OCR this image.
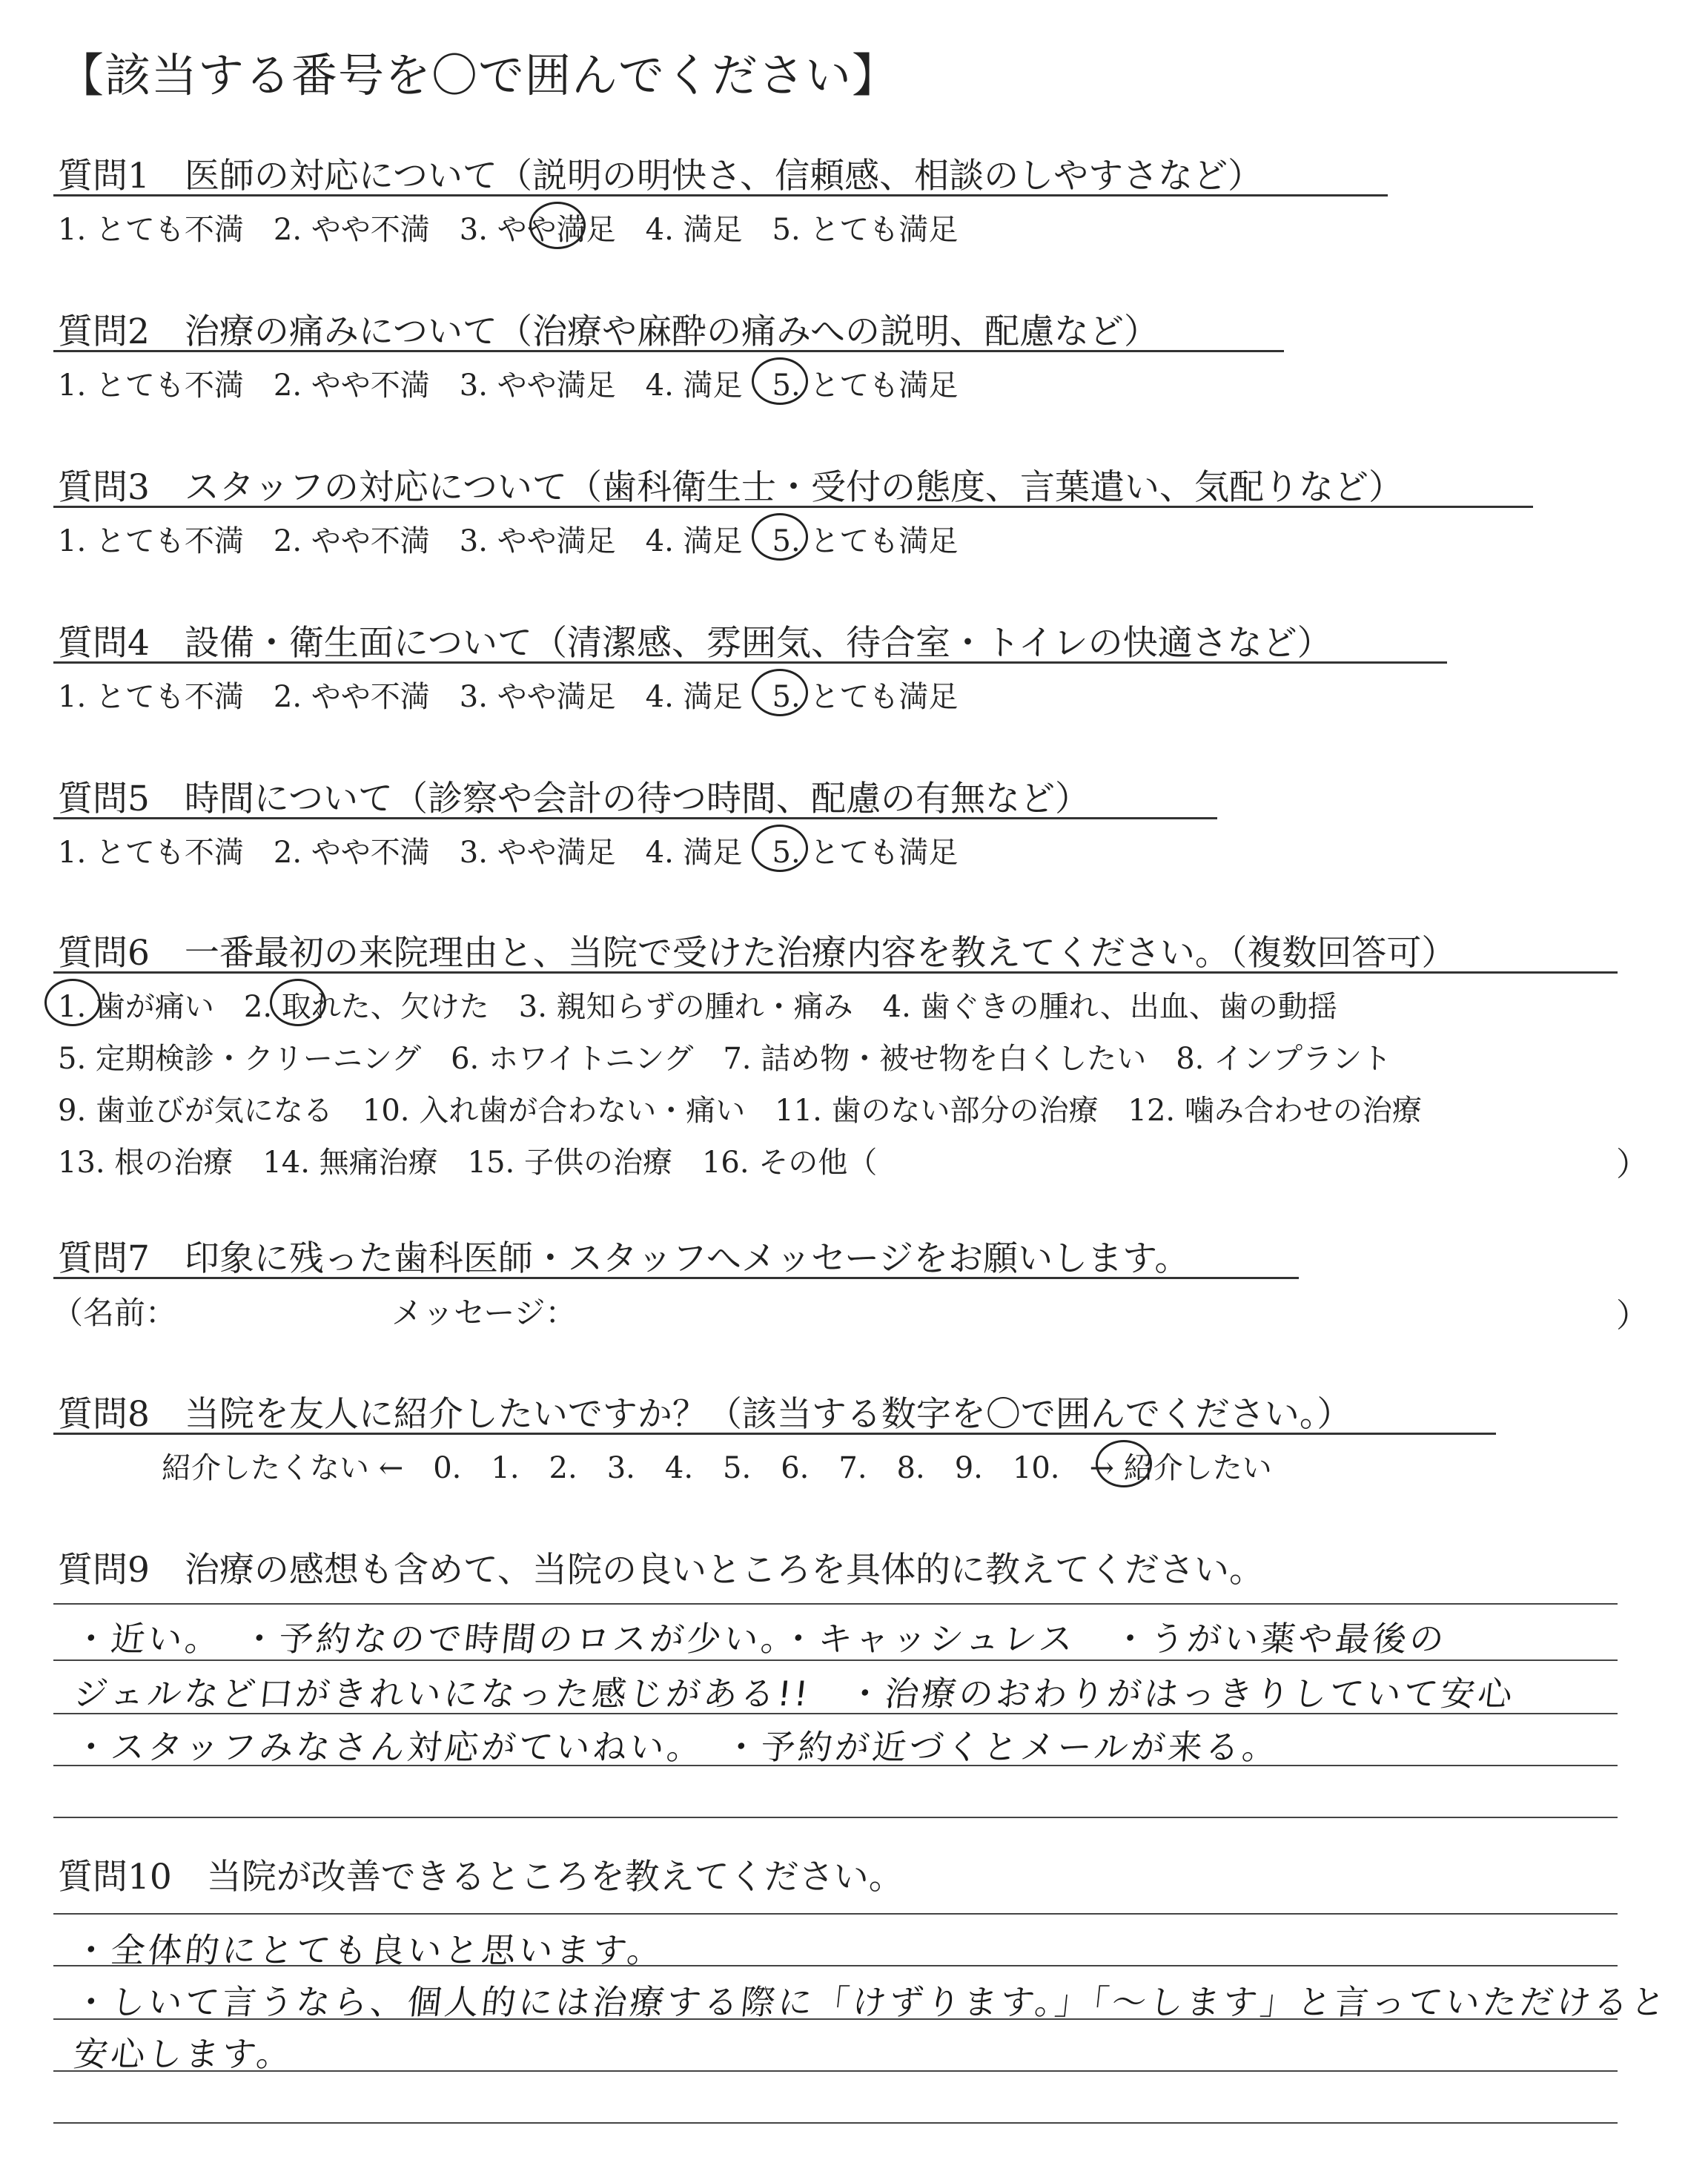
【該当する番号を〇で囲んでください】
質問1　医師の対応について（説明の明快さ、信頼感、相談のしやすさなど）
1. とても不満　2. やや不満　3. やや満足　4. 満足　5. とても満足
質問2　治療の痛みについて（治療や麻酔の痛みへの説明、配慮など）
1. とても不満　2. やや不満　3. やや満足　4. 満足　5. とても満足
質問3　スタッフの対応について（歯科衛生士・受付の態度、言葉遣い、気配りなど）
1. とても不満　2. やや不満　3. やや満足　4. 満足　5. とても満足
質問4　設備・衛生面について（清潔感、雰囲気、待合室・トイレの快適さなど）
1. とても不満　2. やや不満　3. やや満足　4. 満足　5. とても満足
質問5　時間について（診察や会計の待つ時間、配慮の有無など）
1. とても不満　2. やや不満　3. やや満足　4. 満足　5. とても満足
質問6　一番最初の来院理由と、当院で受けた治療内容を教えてください。（複数回答可）
1. 歯が痛い　2. 取れた、欠けた　3. 親知らずの腫れ・痛み　4. 歯ぐきの腫れ、出血、歯の動揺
5. 定期検診・クリーニング　6. ホワイトニング　7. 詰め物・被せ物を白くしたい　8. インプラント
9. 歯並びが気になる　10. 入れ歯が合わない・痛い　11. 歯のない部分の治療　12. 噛み合わせの治療
13. 根の治療　14. 無痛治療　15. 子供の治療　16. その他（	）
質問7　印象に残った歯科医師・スタッフへメッセージをお願いします。
（名前：	メッセージ：	）
質問8　当院を友人に紹介したいですか？（該当する数字を〇で囲んでください。）
紹介したくない ←　0.　1.　2.　3.　4.　5.　6.　7.　8.　9.　10.　→ 紹介したい
質問9　治療の感想も含めて、当院の良いところを具体的に教えてください。
・近い。　・予約なので時間のロスが少い。・キャッシュレス　・うがい薬や最後の
ジェルなど口がきれいになった感じがある!!　・治療のおわりがはっきりしていて安心
・スタッフみなさん対応がていねい。　・予約が近づくとメールが来る。
質問10　当院が改善できるところを教えてください。
・全体的にとても良いと思います。
・しいて言うなら、個人的には治療する際に「けずります。」「〜します」と言っていただけると
安心します。
